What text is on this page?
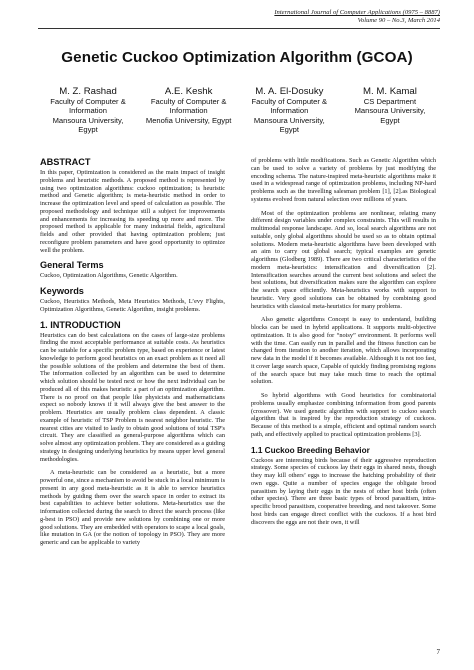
International Journal of Computer Applications (0975 – 8887)
Volume 90 – No.3, March 2014
Genetic Cuckoo Optimization Algorithm (GCOA)
M. Z. Rashad
Faculty of Computer &
Information
Mansoura University,
Egypt
A.E. Keshk
Faculty of Computer &
Information
Menofia University, Egypt
M. A. El-Dosuky
Faculty of Computer &
Information
Mansoura University,
Egypt
M. M. Kamal
CS Department
Mansoura University,
Egypt
ABSTRACT

In this paper, Optimization is considered as the main impact of insight problems and heuristic methods. A proposed method is represented by using two optimization algorithms: cuckoo optimization; is heuristic method and Genetic algorithm; is meta-heuristic method in order to increase the optimization level and speed of calculation as possible. The proposed methodology and technique still a subject for improvements and enhancements for increasing its speeding up more and more. The proposed method is applicable for many industrial fields, agricultural fields and other provided that having optimization problem; just reconfigure problem parameters and have good opportunity to optimize well the problem.

General Terms

Cuckoo, Optimization Algorithms, Genetic Algorithm.

Keywords

Cuckoo, Heuristics Methods, Meta Heuristics Methods, L’evy Flights, Optimization Algorithms, Genetic Algorithm, insight problems.

1. INTRODUCTION

Heuristics can do best calculations on the cases of large-size problems finding the most acceptable performance at suitable costs. As heuristics can be suitable for a specific problem type, based on experience or latest knowledge to perform good heuristics on an exact problem as it need all the possible solutions of the problem and determine the best of them. The information collected by an algorithm can be used to determine which solution should be tested next or how the next individual can be produced all of this makes heuristic a part of an optimization algorithm. There is no proof on that people like physicists and mathematicians expect so nobody knows if it will always give the best answer to the problem. Heuristics are usually problem class dependent. A classic example of heuristic of TSP Problem is nearest neighbor heuristic. The nearest cities are visited to lastly to obtain good solutions of total TSP's circuit. They are classified as general-purpose algorithms which can solve almost any optimization problem. They are considered as a guiding strategy in designing underlying heuristics by means upper level general methodologies.

A meta-heuristic can be considered as a heuristic, but a more powerful one, since a mechanism to avoid be stuck in a local minimum is present in any good meta-heuristic as it is able to service heuristics methods by guiding them over the search space in order to extract its best capabilities to achieve better solutions. Meta-heuristics use the information collected during the search to direct the search process (like g-best in PSO) and provide new solutions by combining one or more good solutions. They are embedded with operators to scape a local goals, like mutation in GA (or the notion of topology in PSO). They are more generic and can be applicable to variety

of problems with little modifications. Such as Genetic Algorithm which can be used to solve a variety of problems by just modifying the encoding schema. The nature-inspired meta-heuristic algorithms make it used in a widespread range of optimization problems, including NP-hard problems such as the travelling salesman problem [1], [2].as Biological systems evolved from natural selection over millions of years.

Most of the optimization problems are nonlinear, relating many different design variables under complex constraints. This will results in multimodal response landscape. And so, local search algorithms are not suitable, only global algorithms should be used so as to obtain optimal solutions. Modern meta-heuristic algorithms have been developed with an aim to carry out global search; typical examples are genetic algorithms (Glodberg 1989). There are two critical characteristics of the modern meta-heuristics: intensification and diversification [2]. Intensification searches around the current best solutions and select the best solutions, but diversification makes sure the algorithm can explore the search space efficiently. Meta-heuristics works with support to heuristic. Very good solutions can be obtained by combining good heuristics with classical meta-heuristics for many problems.

Also genetic algorithms Concept is easy to understand, building blocks can be used in hybrid applications. It supports multi-objective optimization. It is also good for “noisy” environment. It performs well with the time. Can easily run in parallel and the fitness function can be changed from iteration to another iteration, which allows incorporating new data in the model if it becomes available. Although it is not too fast, it cover large search space, Capable of quickly finding promising regions of the search space but may take much time to reach the optimal solution.

So hybrid algorithms with Good heuristics for combinatorial problems usually emphasize combining information from good parents (crossover). We used genetic algorithm with support to cuckoo search algorithm that is inspired by the reproduction strategy of cuckoos. Because of this method is a simple, efficient and optimal random search path, and effectively applied to practical optimization problems [3].

1.1 Cuckoo Breeding Behavior

Cuckoos are interesting birds because of their aggressive reproduction strategy. Some species of cuckoos lay their eggs in shared nests, though they may kill others’ eggs to increase the hatching probability of their own eggs. Quite a number of species engage the obligate brood parasitism by laying their eggs in the nests of other host birds (often other species). There are three basic types of brood parasitism, intra-specific brood parasitism, cooperative breeding, and nest takeover. Some host birds can engage direct conflict with the cuckoos. If a host bird discovers the eggs are not their own, it will

7
